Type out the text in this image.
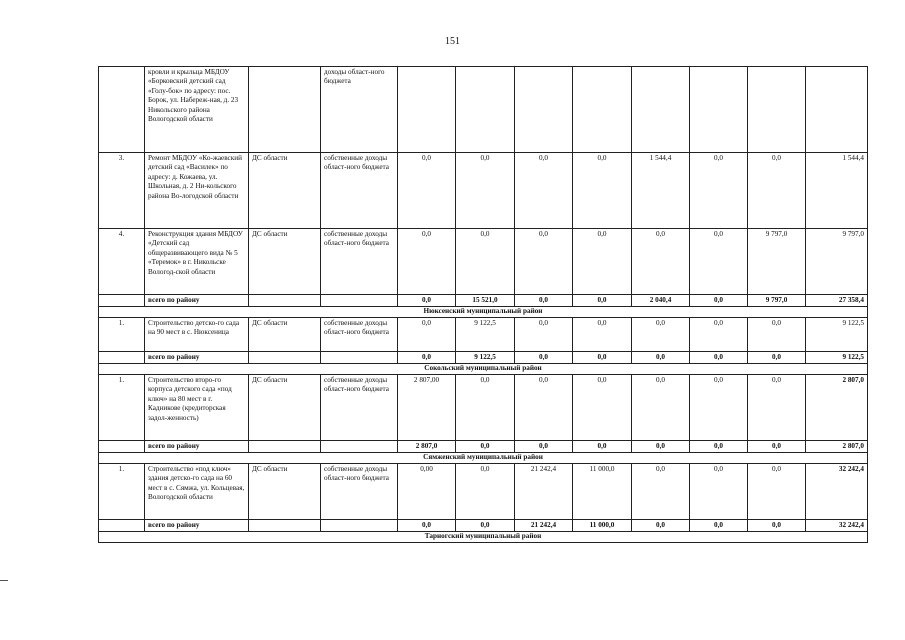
151
	кровли и крыльца МБДОУ «Борковский детский сад «Голу-бок» по адресу: пос. Борок, ул. Набереж-ная, д. 23 Никольского района Вологодской области		доходы област-ного бюджета								
3.	Ремонт МБДОУ «Ко-жаевский детский сад «Василек» по адресу: д. Кожаева, ул. Школьная, д. 2 Ни-кольского района Во-логодской области	ДС области	собственные доходы област-ного бюджета	0,0	0,0	0,0	0,0	1 544,4	0,0	0,0	1 544,4
4.	Реконструкция здания МБДОУ «Детский сад общеразвивающего вида № 5 «Теремок» в г. Никольске Вологод-ской области	ДС области	собственные доходы област-ного бюджета	0,0	0,0	0,0	0,0	0,0	0,0	9 797,0	9 797,0
	всего по району			0,0	15 521,0	0,0	0,0	2 040,4	0,0	9 797,0	27 358,4
Нюксенский муниципальный район											
1.	Строительство детско-го сада на 90 мест в с. Нюксеница	ДС области	собственные доходы област-ного бюджета	0,0	9 122,5	0,0	0,0	0,0	0,0	0,0	9 122,5
	всего по району			0,0	9 122,5	0,0	0,0	0,0	0,0	0,0	9 122,5
Сокольский муниципальный район											
1.	Строительство второ-го корпуса детского сада «под ключ» на 80 мест в г. Кадникове (кредиторская задол-женность)	ДС области	собственные доходы област-ного бюджета	2 807,00	0,0	0,0	0,0	0,0	0,0	0,0	2 807,0
	всего по району			2 807,0	0,0	0,0	0,0	0,0	0,0	0,0	2 807,0
Сямженский муниципальный район											
1.	Строительство «под ключ» здания детско-го сада на 60 мест в с. Сямжа, ул. Кольцевая, Вологодской области	ДС области	собственные доходы област-ного бюджета	0,00	0,0	21 242,4	11 000,0	0,0	0,0	0,0	32 242,4
	всего по району			0,0	0,0	21 242,4	11 000,0	0,0	0,0	0,0	32 242,4
Тарногский муниципальный район											
